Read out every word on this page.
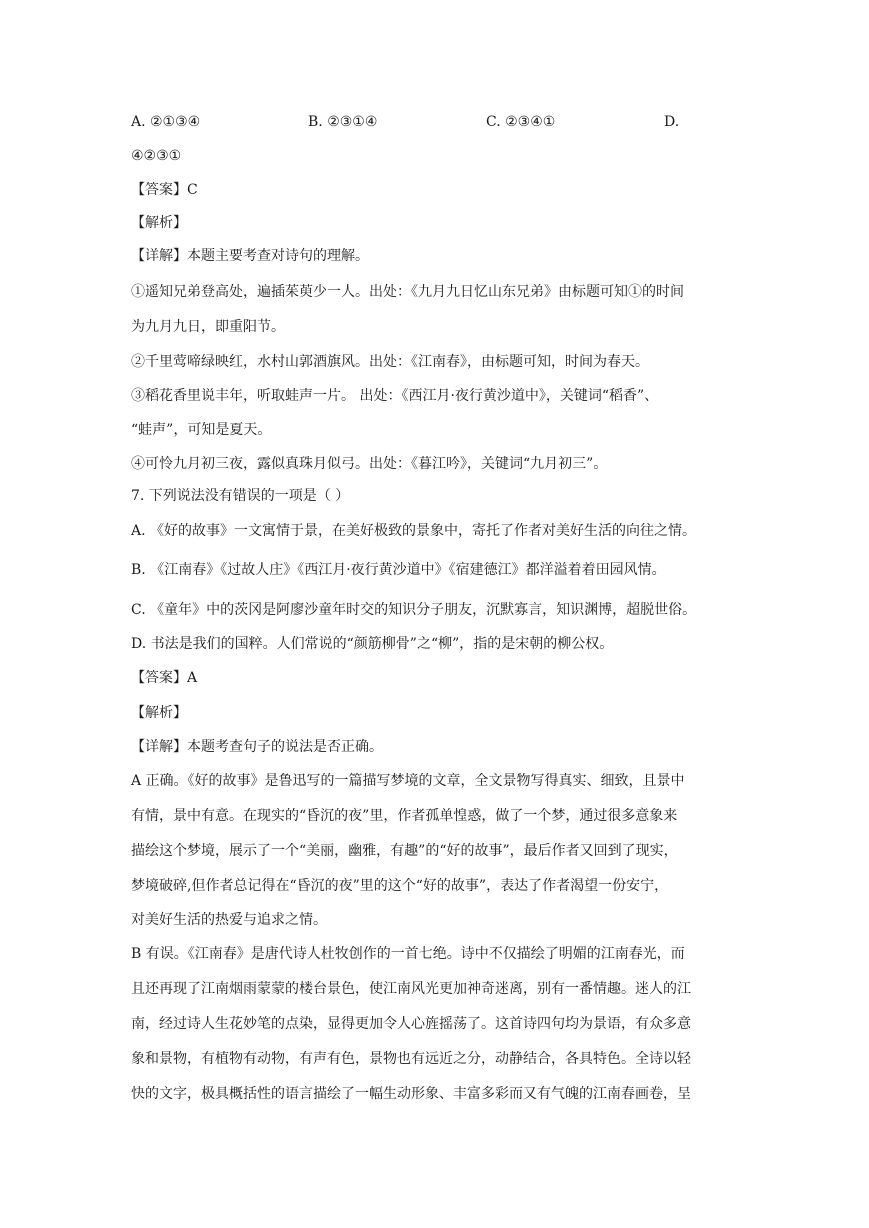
A. ②①③④	B. ②③①④	C. ②③④①	D.
④②③①
【答案】C
【解析】
【详解】本题主要考查对诗句的理解。
①遥知兄弟登高处，遍插茱萸少一人。出处：《九月九日忆山东兄弟》由标题可知①的时间
为九月九日，即重阳节。
②千里莺啼绿映红，水村山郭酒旗风。出处：《江南春》，由标题可知，时间为春天。
③稻花香里说丰年，听取蛙声一片。 出处：《西江月·夜行黄沙道中》，关键词“稻香”、
“蛙声”，可知是夏天。
④可怜九月初三夜，露似真珠月似弓。出处：《暮江吟》，关键词“九月初三”。
7. 下列说法没有错误的一项是（ ）
A. 《好的故事》一文寓情于景，在美好极致的景象中，寄托了作者对美好生活的向往之情。
B. 《江南春》《过故人庄》《西江月·夜行黄沙道中》《宿建德江》都洋溢着着田园风情。
C. 《童年》中的茨冈是阿廖沙童年时交的知识分子朋友，沉默寡言，知识渊博，超脱世俗。
D. 书法是我们的国粹。人们常说的“颜筋柳骨”之“柳”，指的是宋朝的柳公权。
【答案】A
【解析】
【详解】本题考查句子的说法是否正确。
A 正确。《好的故事》是鲁迅写的一篇描写梦境的文章，全文景物写得真实、细致，且景中
有情，景中有意。在现实的“昏沉的夜”里，作者孤单惶惑，做了一个梦，通过很多意象来
描绘这个梦境，展示了一个“美丽，幽雅，有趣”的“好的故事”，最后作者又回到了现实，
梦境破碎,但作者总记得在“昏沉的夜”里的这个“好的故事”，表达了作者渴望一份安宁，
对美好生活的热爱与追求之情。
B 有误。《江南春》是唐代诗人杜牧创作的一首七绝。诗中不仅描绘了明媚的江南春光，而
且还再现了江南烟雨蒙蒙的楼台景色，使江南风光更加神奇迷离，别有一番情趣。迷人的江
南，经过诗人生花妙笔的点染，显得更加令人心旌摇荡了。这首诗四句均为景语，有众多意
象和景物，有植物有动物，有声有色，景物也有远近之分，动静结合，各具特色。全诗以轻
快的文字，极具概括性的语言描绘了一幅生动形象、丰富多彩而又有气魄的江南春画卷，呈
